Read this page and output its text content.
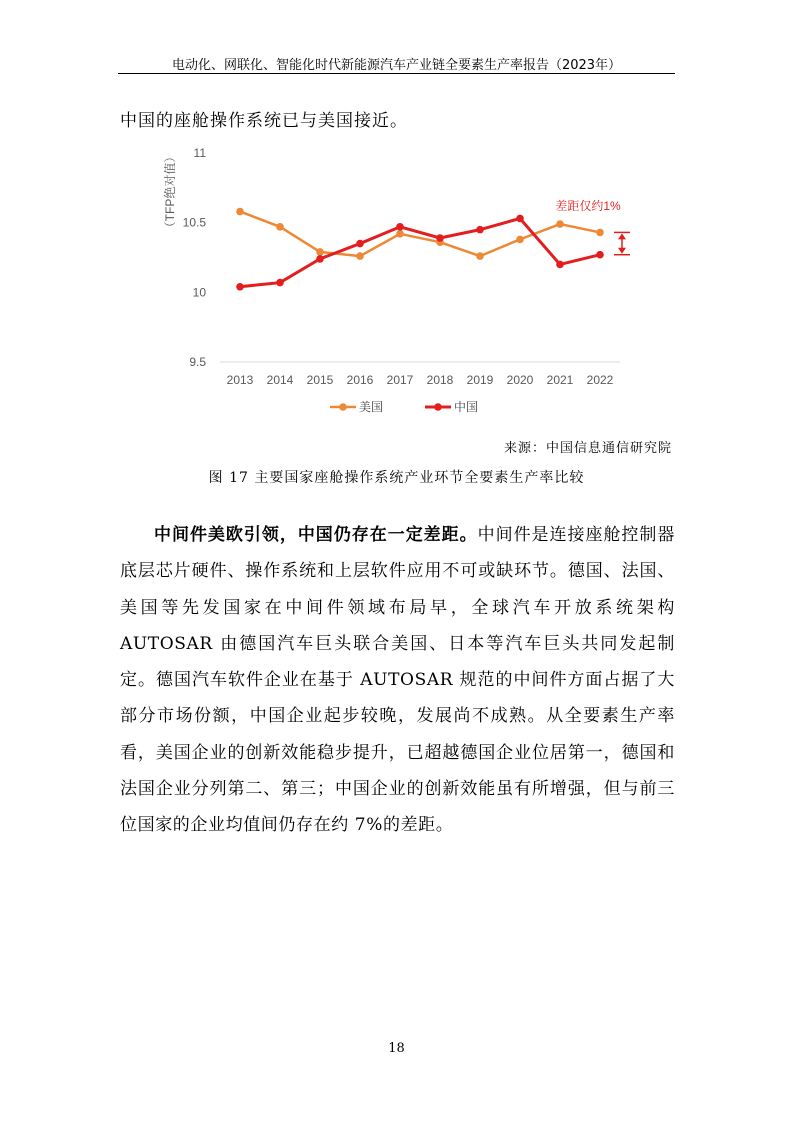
电动化、网联化、智能化时代新能源汽车产业链全要素生产率报告（2023年）
中国的座舱操作系统已与美国接近。
11
10.5
10
9.5
2013 2014 2015 2016 2017 2018 2019 2020 2021 2022
（TFP绝对值）	差距仅约1%
美国	中国
来源：中国信息通信研究院
图 17 主要国家座舱操作系统产业环节全要素生产率比较
中间件美欧引领，中国仍存在一定差距。中间件是连接座舱控制器底层芯片硬件、操作系统和上层软件应用不可或缺环节。德国、法国、美国等先发国家在中间件领域布局早，全球汽车开放系统架构AUTOSAR 由德国汽车巨头联合美国、日本等汽车巨头共同发起制定。德国汽车软件企业在基于 AUTOSAR 规范的中间件方面占据了大部分市场份额，中国企业起步较晚，发展尚不成熟。从全要素生产率看，美国企业的创新效能稳步提升，已超越德国企业位居第一，德国和法国企业分列第二、第三；中国企业的创新效能虽有所增强，但与前三位国家的企业均值间仍存在约 7%的差距。
18
